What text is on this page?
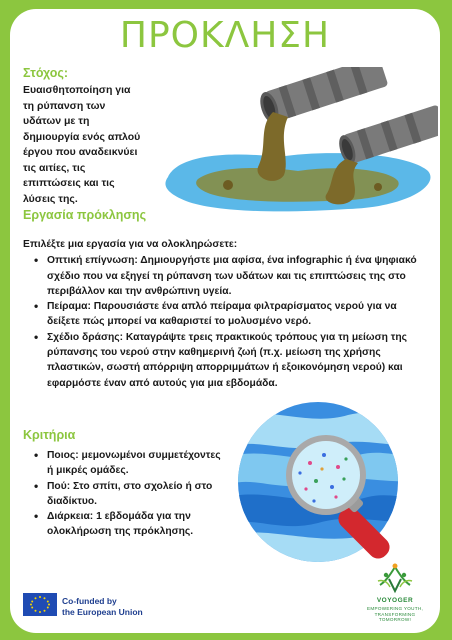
ΠΡΟΚΛΗΣΗ
Στόχος:
Ευαισθητοποίηση για τη ρύπανση των υδάτων με τη δημιουργία ενός απλού έργου που αναδεικνύει τις αιτίες, τις επιπτώσεις και τις λύσεις της.
Εργασία πρόκλησης
Επιλέξτε μια εργασία για να ολοκληρώσετε:
• Οπτική επίγνωση: Δημιουργήστε μια αφίσα, ένα infographic ή ένα ψηφιακό σχέδιο που να εξηγεί τη ρύπανση των υδάτων και τις επιπτώσεις της στο περιβάλλον και την ανθρώπινη υγεία.
• Πείραμα: Παρουσιάστε ένα απλό πείραμα φιλτραρίσματος νερού για να δείξετε πώς μπορεί να καθαριστεί το μολυσμένο νερό.
• Σχέδιο δράσης: Καταγράψτε τρεις πρακτικούς τρόπους για τη μείωση της ρύπανσης του νερού στην καθημερινή ζωή (π.χ. μείωση της χρήσης πλαστικών, σωστή απόρριψη απορριμμάτων ή εξοικονόμηση νερού) και εφαρμόστε έναν από αυτούς για μια εβδομάδα.
Κριτήρια
• Ποιος: μεμονωμένοι συμμετέχοντες ή μικρές ομάδες.
• Πού: Στο σπίτι, στο σχολείο ή στο διαδίκτυο.
• Διάρκεια: 1 εβδομάδα για την ολοκλήρωση της πρόκλησης.
Co-funded by
the European Union
VOYOGER
EMPOWERING YOUTH,
TRANSFORMING
TOMORROW!
